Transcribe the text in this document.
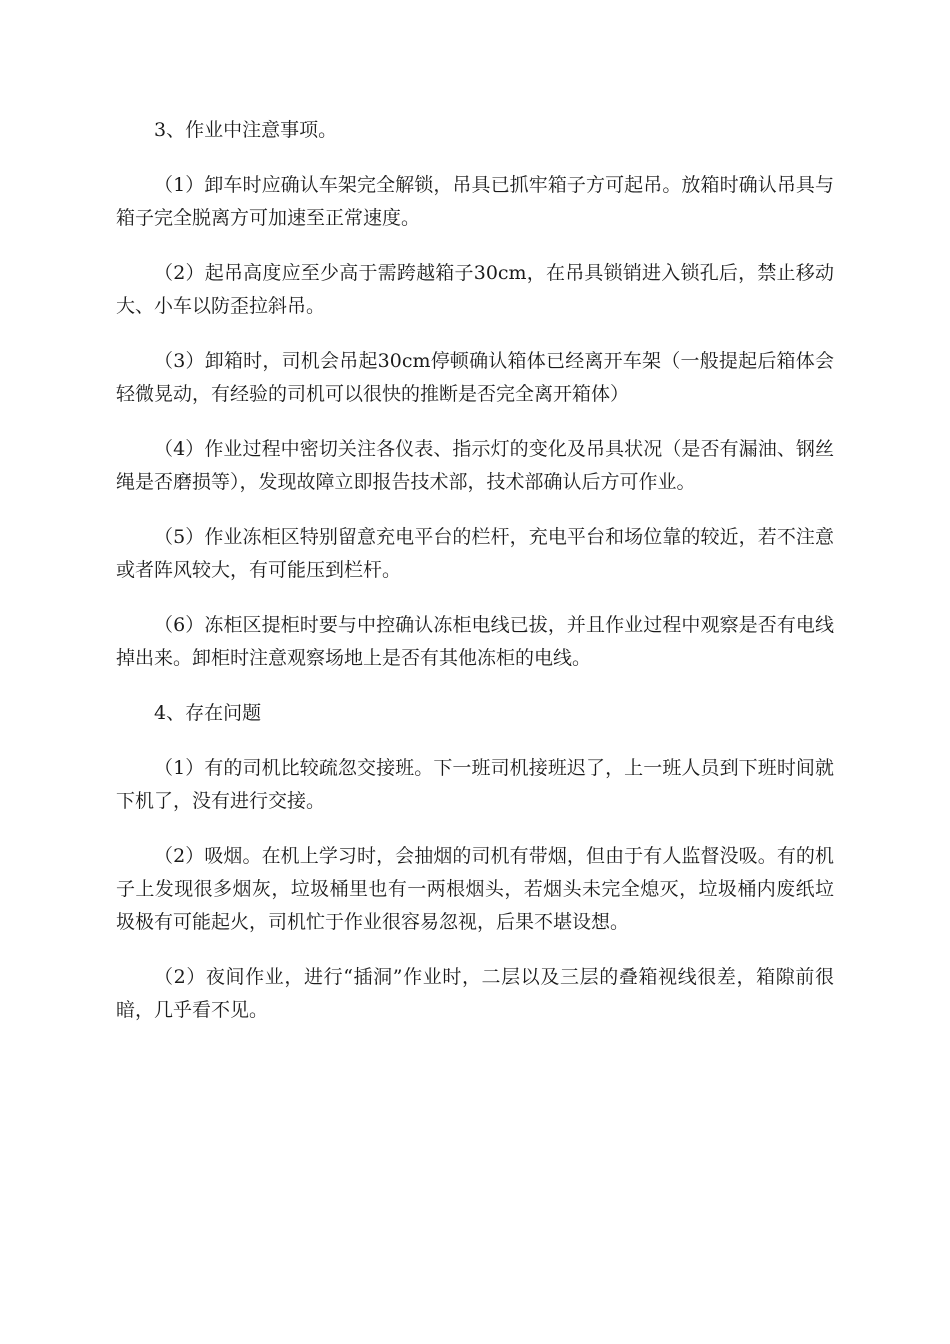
3、作业中注意事项。

（1）卸车时应确认车架完全解锁，吊具已抓牢箱子方可起吊。放箱时确认吊具与箱子完全脱离方可加速至正常速度。

（2）起吊高度应至少高于需跨越箱子30cm，在吊具锁销进入锁孔后，禁止移动大、小车以防歪拉斜吊。

（3）卸箱时，司机会吊起30cm停顿确认箱体已经离开车架（一般提起后箱体会轻微晃动，有经验的司机可以很快的推断是否完全离开箱体）

（4）作业过程中密切关注各仪表、指示灯的变化及吊具状况（是否有漏油、钢丝绳是否磨损等），发现故障立即报告技术部，技术部确认后方可作业。

（5）作业冻柜区特别留意充电平台的栏杆，充电平台和场位靠的较近，若不注意或者阵风较大，有可能压到栏杆。

（6）冻柜区提柜时要与中控确认冻柜电线已拔，并且作业过程中观察是否有电线掉出来。卸柜时注意观察场地上是否有其他冻柜的电线。

4、存在问题

（1）有的司机比较疏忽交接班。下一班司机接班迟了，上一班人员到下班时间就下机了，没有进行交接。

（2）吸烟。在机上学习时，会抽烟的司机有带烟，但由于有人监督没吸。有的机子上发现很多烟灰，垃圾桶里也有一两根烟头，若烟头未完全熄灭，垃圾桶内废纸垃圾极有可能起火，司机忙于作业很容易忽视，后果不堪设想。

（2）夜间作业，进行“插洞”作业时，二层以及三层的叠箱视线很差，箱隙前很暗，几乎看不见。
